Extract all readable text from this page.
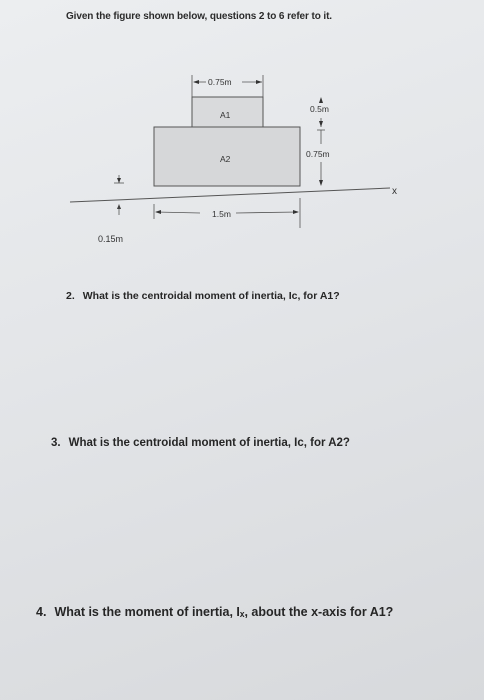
Given the figure shown below, questions 2 to 6 refer to it.
0.75m
A1
0.5m
0.75m
A2
x
1.5m
0.15m
2. What is the centroidal moment of inertia, Iᴄ, for A1?
3. What is the centroidal moment of inertia, Iᴄ, for A2?
4. What is the moment of inertia, Iₓ, about the x-axis for A1?
